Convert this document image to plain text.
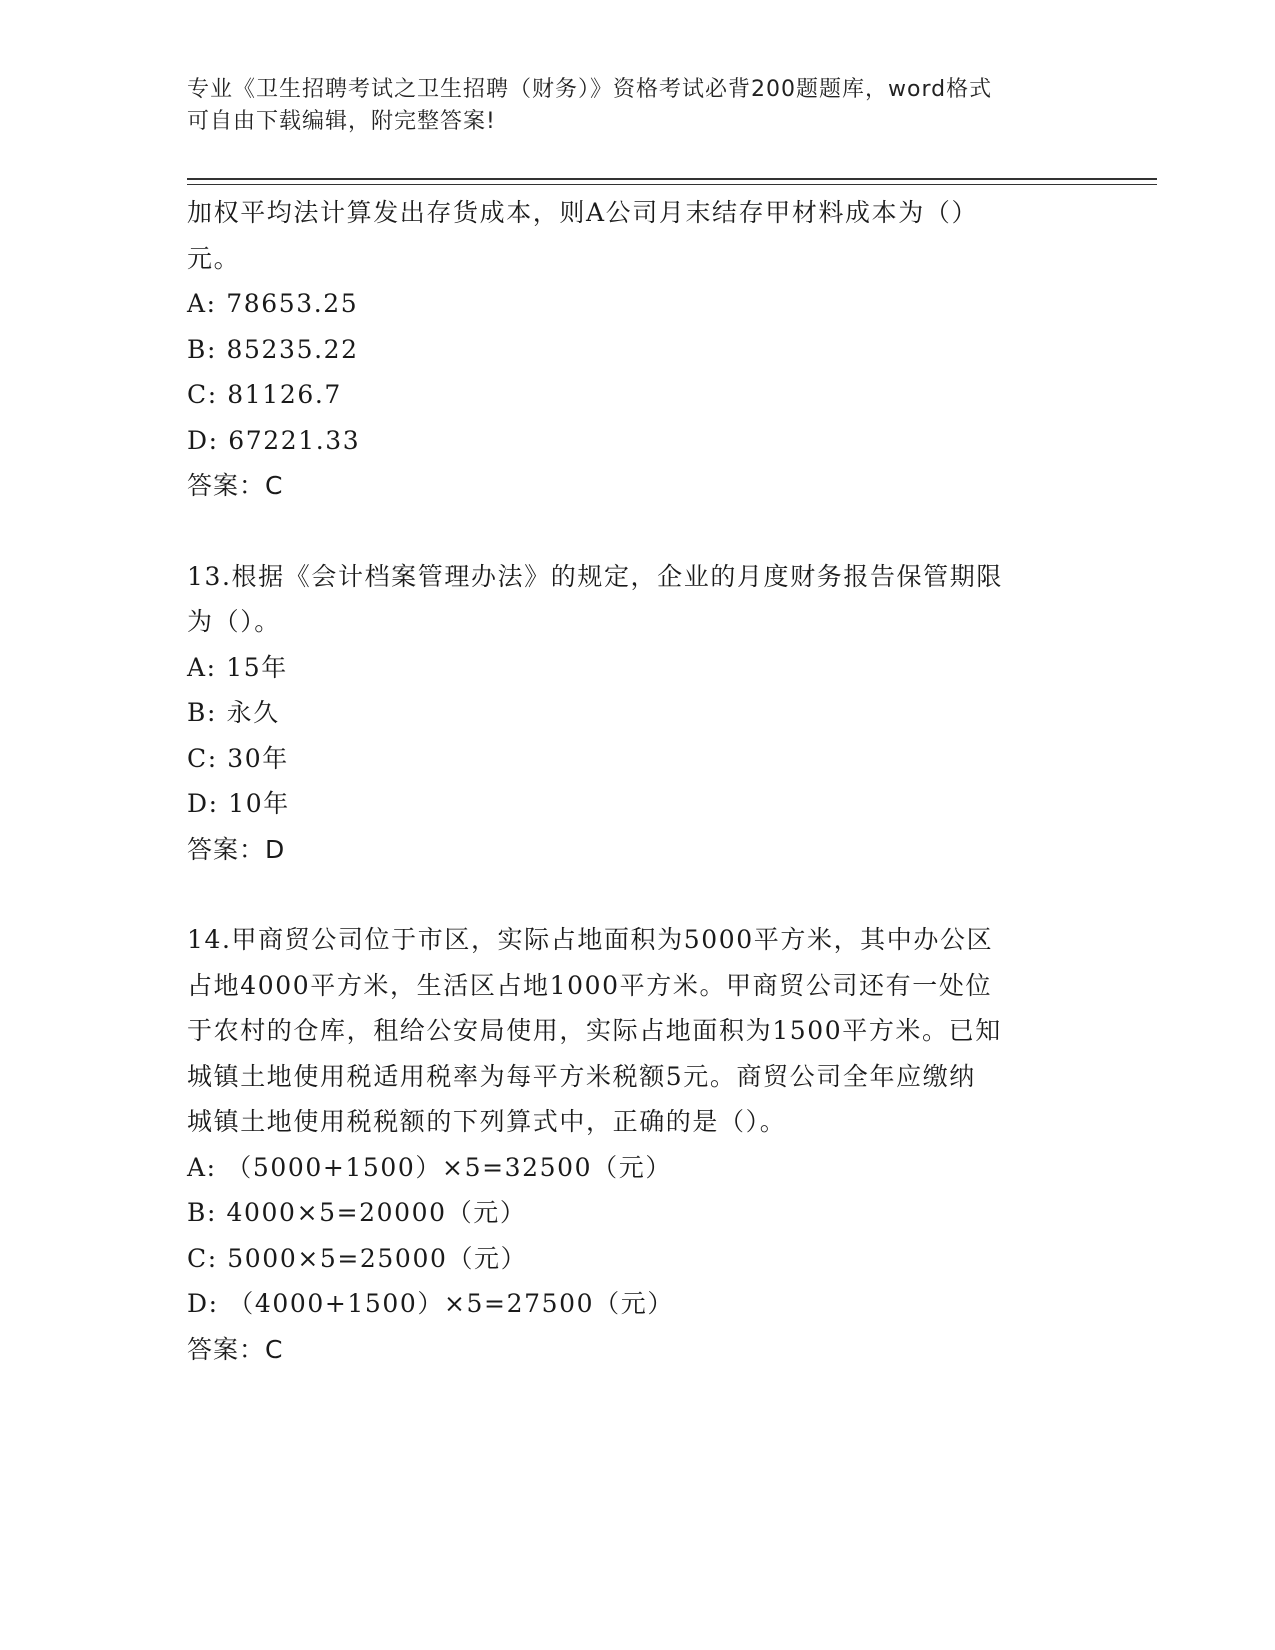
专业《卫生招聘考试之卫生招聘（财务）》资格考试必背200题题库，word格式
可自由下载编辑，附完整答案!
加权平均法计算发出存货成本，则A公司月末结存甲材料成本为（）
元。
A: 78653.25
B: 85235.22
C: 81126.7
D: 67221.33
答案：C
13.根据《会计档案管理办法》的规定，企业的月度财务报告保管期限
为（）。
A: 15年
B: 永久
C: 30年
D: 10年
答案：D
14.甲商贸公司位于市区，实际占地面积为5000平方米，其中办公区
占地4000平方米，生活区占地1000平方米。甲商贸公司还有一处位
于农村的仓库，租给公安局使用，实际占地面积为1500平方米。已知
城镇土地使用税适用税率为每平方米税额5元。商贸公司全年应缴纳
城镇土地使用税税额的下列算式中，正确的是（）。
A: （5000+1500）×5=32500（元）
B: 4000×5=20000（元）
C: 5000×5=25000（元）
D: （4000+1500）×5=27500（元）
答案：C
